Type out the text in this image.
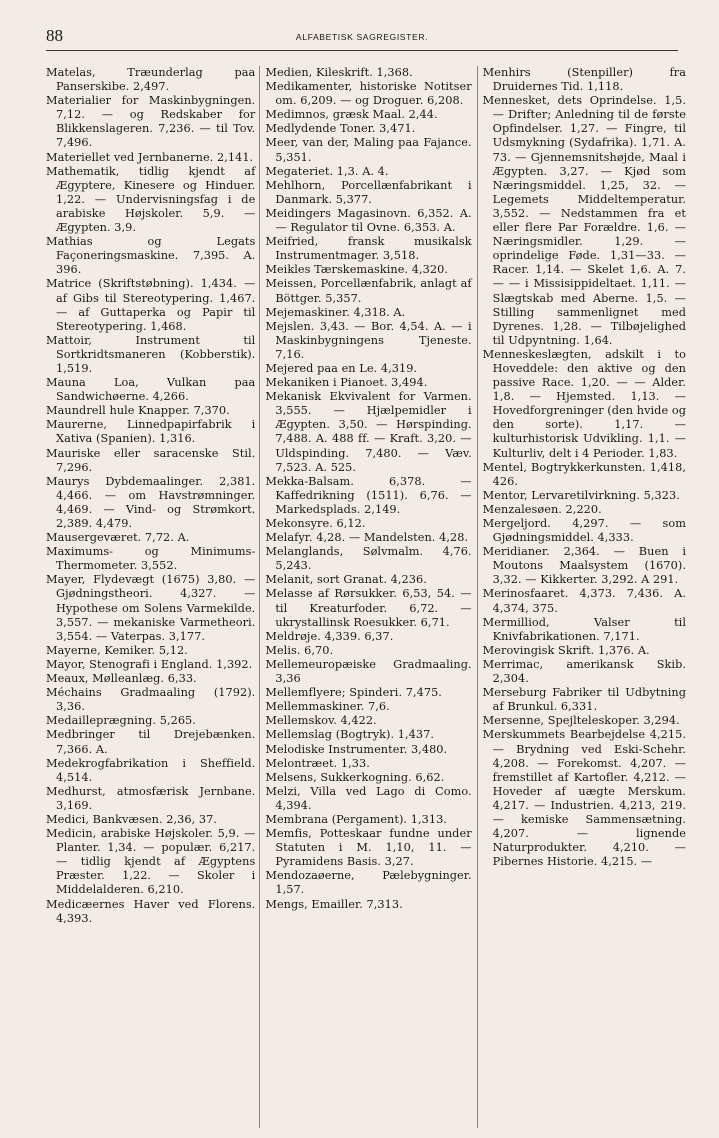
88	ALFABETISK SAGREGISTER.

Matelas, Træunderlag paa Panserskibe. 2,497.

Materialier for Maskinbygningen. 7,12. — og Redskaber for Blikkenslageren. 7,236. — til Tov. 7,496.

Materiellet ved Jernbanerne. 2,141.

Mathematik, tidlig kjendt af Ægyptere, Kinesere og Hinduer. 1,22. — Undervisningsfag i de arabiske Højskoler. 5,9. — Ægypten. 3,9.

Mathias og Legats Façoneringsmaskine. 7,395. A. 396.

Matrice (Skriftstøbning). 1,434. — af Gibs til Stereotypering. 1,467. — af Guttaperka og Papir til Stereotypering. 1,468.

Mattoir, Instrument til Sortkridtsmaneren (Kobberstik). 1,519.

Mauna Loa, Vulkan paa Sandwichøerne. 4,266.

Maundrell hule Knapper. 7,370.

Maurerne, Linnedpapirfabrik i Xativa (Spanien). 1,316.

Mauriske eller saracenske Stil. 7,296.

Maurys Dybdemaalinger. 2,381. 4,466. — om Havstrømninger. 4,469. — Vind- og Strømkort. 2,389. 4,479.

Mausergeværet. 7,72. A.

Maximums- og Minimums-Thermometer. 3,552.

Mayer, Flydevægt (1675) 3,80. — Gjødningstheori. 4,327. — Hypothese om Solens Varmekilde. 3,557. — mekaniske Varmetheori. 3,554. — Vaterpas. 3,177.

Mayerne, Kemiker. 5,12.

Mayor, Stenografi i England. 1,392.

Meaux, Mølleanlæg. 6,33.

Méchains Gradmaaling (1792). 3,36.

Medailleprægning. 5,265.

Medbringer til Drejebænken. 7,366. A.

Medekrogfabrikation i Sheffield. 4,514.

Medhurst, atmosfærisk Jernbane. 3,169.

Medici, Bankvæsen. 2,36, 37.

Medicin, arabiske Højskoler. 5,9. — Planter. 1,34. — populær. 6,217. — tidlig kjendt af Ægyptens Præster. 1,22. — Skoler i Middelalderen. 6,210.

Medicæernes Haver ved Florens. 4,393.

Medien, Kileskrift. 1,368.

Medikamenter, historiske Notitser om. 6,209. — og Droguer. 6,208.

Medimnos, græsk Maal. 2,44.

Medlydende Toner. 3,471.

Meer, van der, Maling paa Fajance. 5,351.

Megateriet. 1,3. A. 4.

Mehlhorn, Porcellænfabrikant i Danmark. 5,377.

Meidingers Magasinovn. 6,352. A. — Regulator til Ovne. 6,353. A.

Meifried, fransk musikalsk Instrumentmager. 3,518.

Meikles Tærskemaskine. 4,320.

Meissen, Porcellænfabrik, anlagt af Böttger. 5,357.

Mejemaskiner. 4,318. A.

Mejslen. 3,43. — Bor. 4,54. A. — i Maskinbygningens Tjeneste. 7,16.

Mejered paa en Le. 4,319.

Mekaniken i Pianoet. 3,494.

Mekanisk Ekvivalent for Varmen. 3,555. — Hjælpemidler i Ægypten. 3,50. — Hørspinding. 7,488. A. 488 ff. — Kraft. 3,20. — Uldspinding. 7,480. — Væv. 7,523. A. 525.

Mekka-Balsam. 6,378. — Kaffedrikning (1511). 6,76. — Markedsplads. 2,149.

Mekonsyre. 6,12.

Melafyr. 4,28. — Mandelsten. 4,28.

Melanglands, Sølvmalm. 4,76. 5,243.

Melanit, sort Granat. 4,236.

Melasse af Rørsukker. 6,53, 54. — til Kreaturfoder. 6,72. — ukrystallinsk Roesukker. 6,71.

Meldrøje. 4,339. 6,37.

Melis. 6,70.

Mellemeuropæiske Gradmaaling. 3,36

Mellemflyere; Spinderi. 7,475.

Mellemmaskiner. 7,6.

Mellemskov. 4,422.

Mellemslag (Bogtryk). 1,437.

Melodiske Instrumenter. 3,480.

Melontræet. 1,33.

Melsens, Sukkerkogning. 6,62.

Melzi, Villa ved Lago di Como. 4,394.

Membrana (Pergament). 1,313.

Memfis, Potteskaar fundne under Statuten i M. 1,10, 11. — Pyramidens Basis. 3,27.

Mendozaøerne, Pælebygninger. 1,57.

Mengs, Emailler. 7,313.

Menhirs (Stenpiller) fra Druidernes Tid. 1,118.

Mennesket, dets Oprindelse. 1,5. — Drifter; Anledning til de første Opfindelser. 1,27. — Fingre, til Udsmykning (Sydafrika). 1,71. A. 73. — Gjennemsnitshøjde, Maal i Ægypten. 3,27. — Kjød som Næringsmiddel. 1,25, 32. — Legemets Middeltemperatur. 3,552. — Nedstammen fra et eller flere Par Forældre. 1,6. — Næringsmidler. 1,29. — oprindelige Føde. 1,31—33. — Racer. 1,14. — Skelet 1,6. A. 7. — — i Missisippideltaet. 1,11. — Slægtskab med Aberne. 1,5. — Stilling sammenlignet med Dyrenes. 1,28. — Tilbøjelighed til Udpyntning. 1,64.

Menneskeslægten, adskilt i to Hoveddele: den aktive og den passive Race. 1,20. — — Alder. 1,8. — Hjemsted. 1,13. — Hovedforgreninger (den hvide og den sorte). 1,17. — kulturhistorisk Udvikling. 1,1. — Kulturliv, delt i 4 Perioder. 1,83.

Mentel, Bogtrykkerkunsten. 1,418, 426.

Mentor, Lervaretilvirkning. 5,323.

Menzalesøen. 2,220.

Mergeljord. 4,297. — som Gjødningsmiddel. 4,333.

Meridianer. 2,364. — Buen i Moutons Maalsystem (1670). 3,32. — Kikkerter. 3,292. A 291.

Merinosfaaret. 4,373. 7,436. A. 4,374, 375.

Mermilliod, Valser til Knivfabrikationen. 7,171.

Merovingisk Skrift. 1,376. A.

Merrimac, amerikansk Skib. 2,304.

Merseburg Fabriker til Udbytning af Brunkul. 6,331.

Mersenne, Spejlteleskoper. 3,294.

Merskummets Bearbejdelse 4,215. — Brydning ved Eski-Schehr. 4,208. — Forekomst. 4,207. — fremstillet af Kartofler. 4,212. — Hoveder af uægte Merskum. 4,217. — Industrien. 4,213, 219. — kemiske Sammensætning. 4,207. — lignende Naturprodukter. 4,210. — Pibernes Historie. 4,215. —
